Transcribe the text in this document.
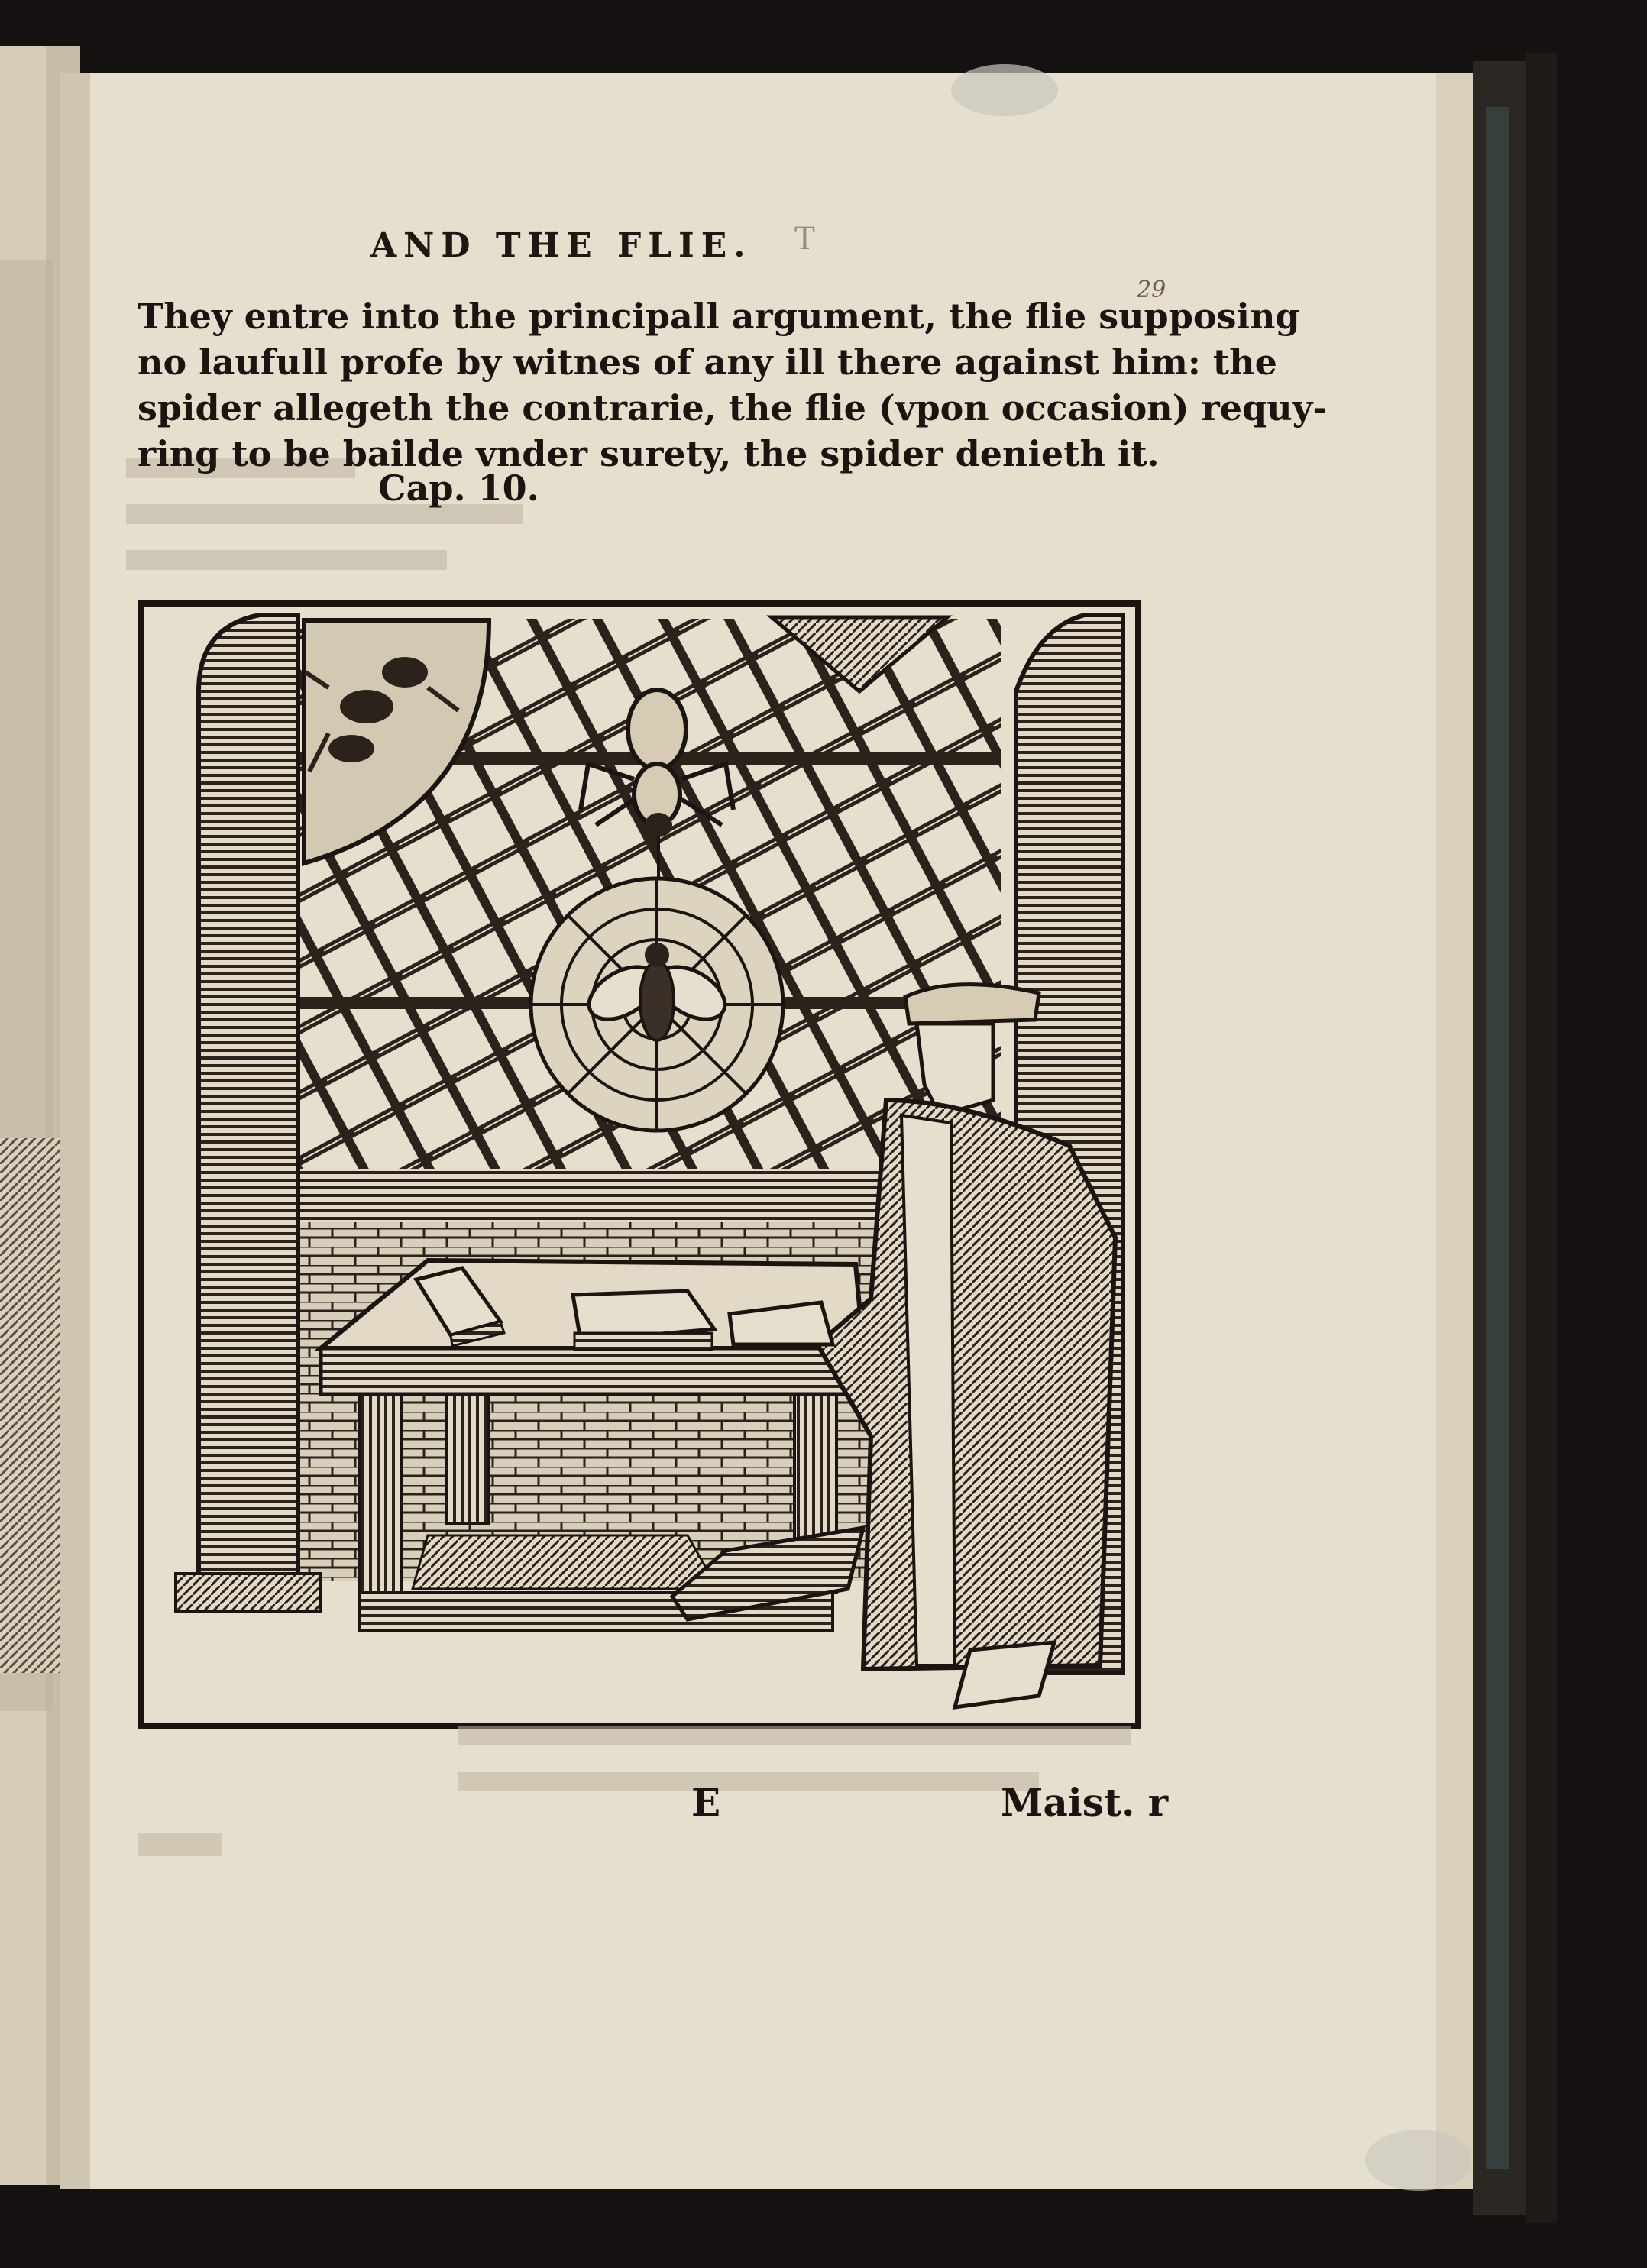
AND THE FLIE. T
29
They entre into the principall argument, the flie supposing
no laufull profe by witnes of any ill there against him: the
spider allegeth the contrarie, the flie (vpon occasion) requy-
ring to be bailde vnder surety, the spider denieth it.
Cap. 10.
E	Maist. r
